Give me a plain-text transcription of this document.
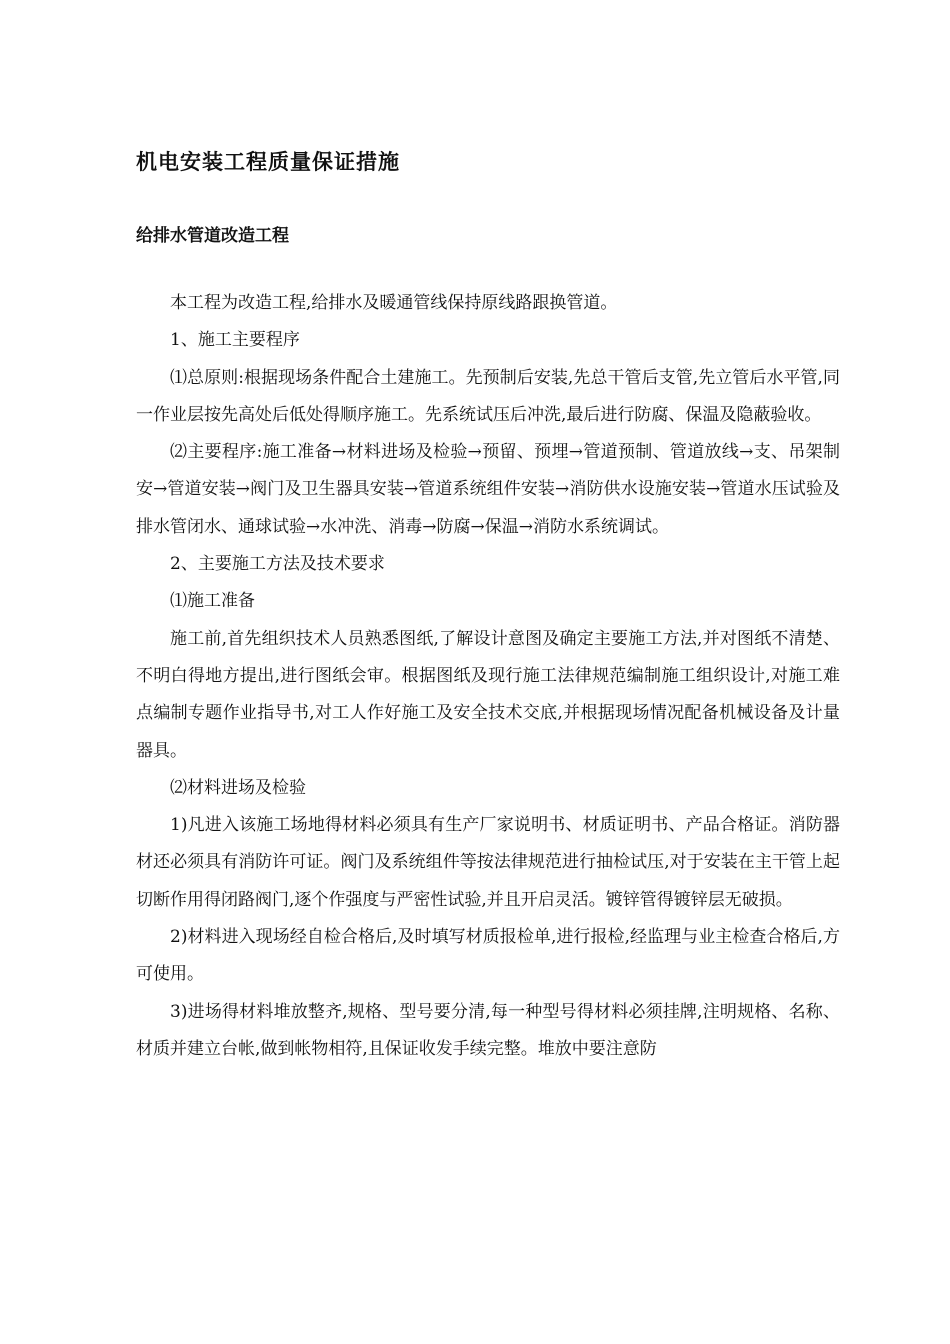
机电安装工程质量保证措施
给排水管道改造工程

本工程为改造工程,给排水及暖通管线保持原线路跟换管道。

1、施工主要程序

⑴总原则:根据现场条件配合土建施工。先预制后安装,先总干管后支管,先立管后水平管,同一作业层按先高处后低处得顺序施工。先系统试压后冲洗,最后进行防腐、保温及隐蔽验收。

⑵主要程序:施工准备→材料进场及检验→预留、预埋→管道预制、管道放线→支、吊架制安→管道安装→阀门及卫生器具安装→管道系统组件安装→消防供水设施安装→管道水压试验及排水管闭水、通球试验→水冲洗、消毒→防腐→保温→消防水系统调试。

2、主要施工方法及技术要求

⑴施工准备

施工前,首先组织技术人员熟悉图纸,了解设计意图及确定主要施工方法,并对图纸不清楚、不明白得地方提出,进行图纸会审。根据图纸及现行施工法律规范编制施工组织设计,对施工难点编制专题作业指导书,对工人作好施工及安全技术交底,并根据现场情况配备机械设备及计量器具。

⑵材料进场及检验

1)凡进入该施工场地得材料必须具有生产厂家说明书、材质证明书、产品合格证。消防器材还必须具有消防许可证。阀门及系统组件等按法律规范进行抽检试压,对于安装在主干管上起切断作用得闭路阀门,逐个作强度与严密性试验,并且开启灵活。镀锌管得镀锌层无破损。

2)材料进入现场经自检合格后,及时填写材质报检单,进行报检,经监理与业主检查合格后,方可使用。

3)进场得材料堆放整齐,规格、型号要分清,每一种型号得材料必须挂牌,注明规格、名称、材质并建立台帐,做到帐物相符,且保证收发手续完整。堆放中要注意防
